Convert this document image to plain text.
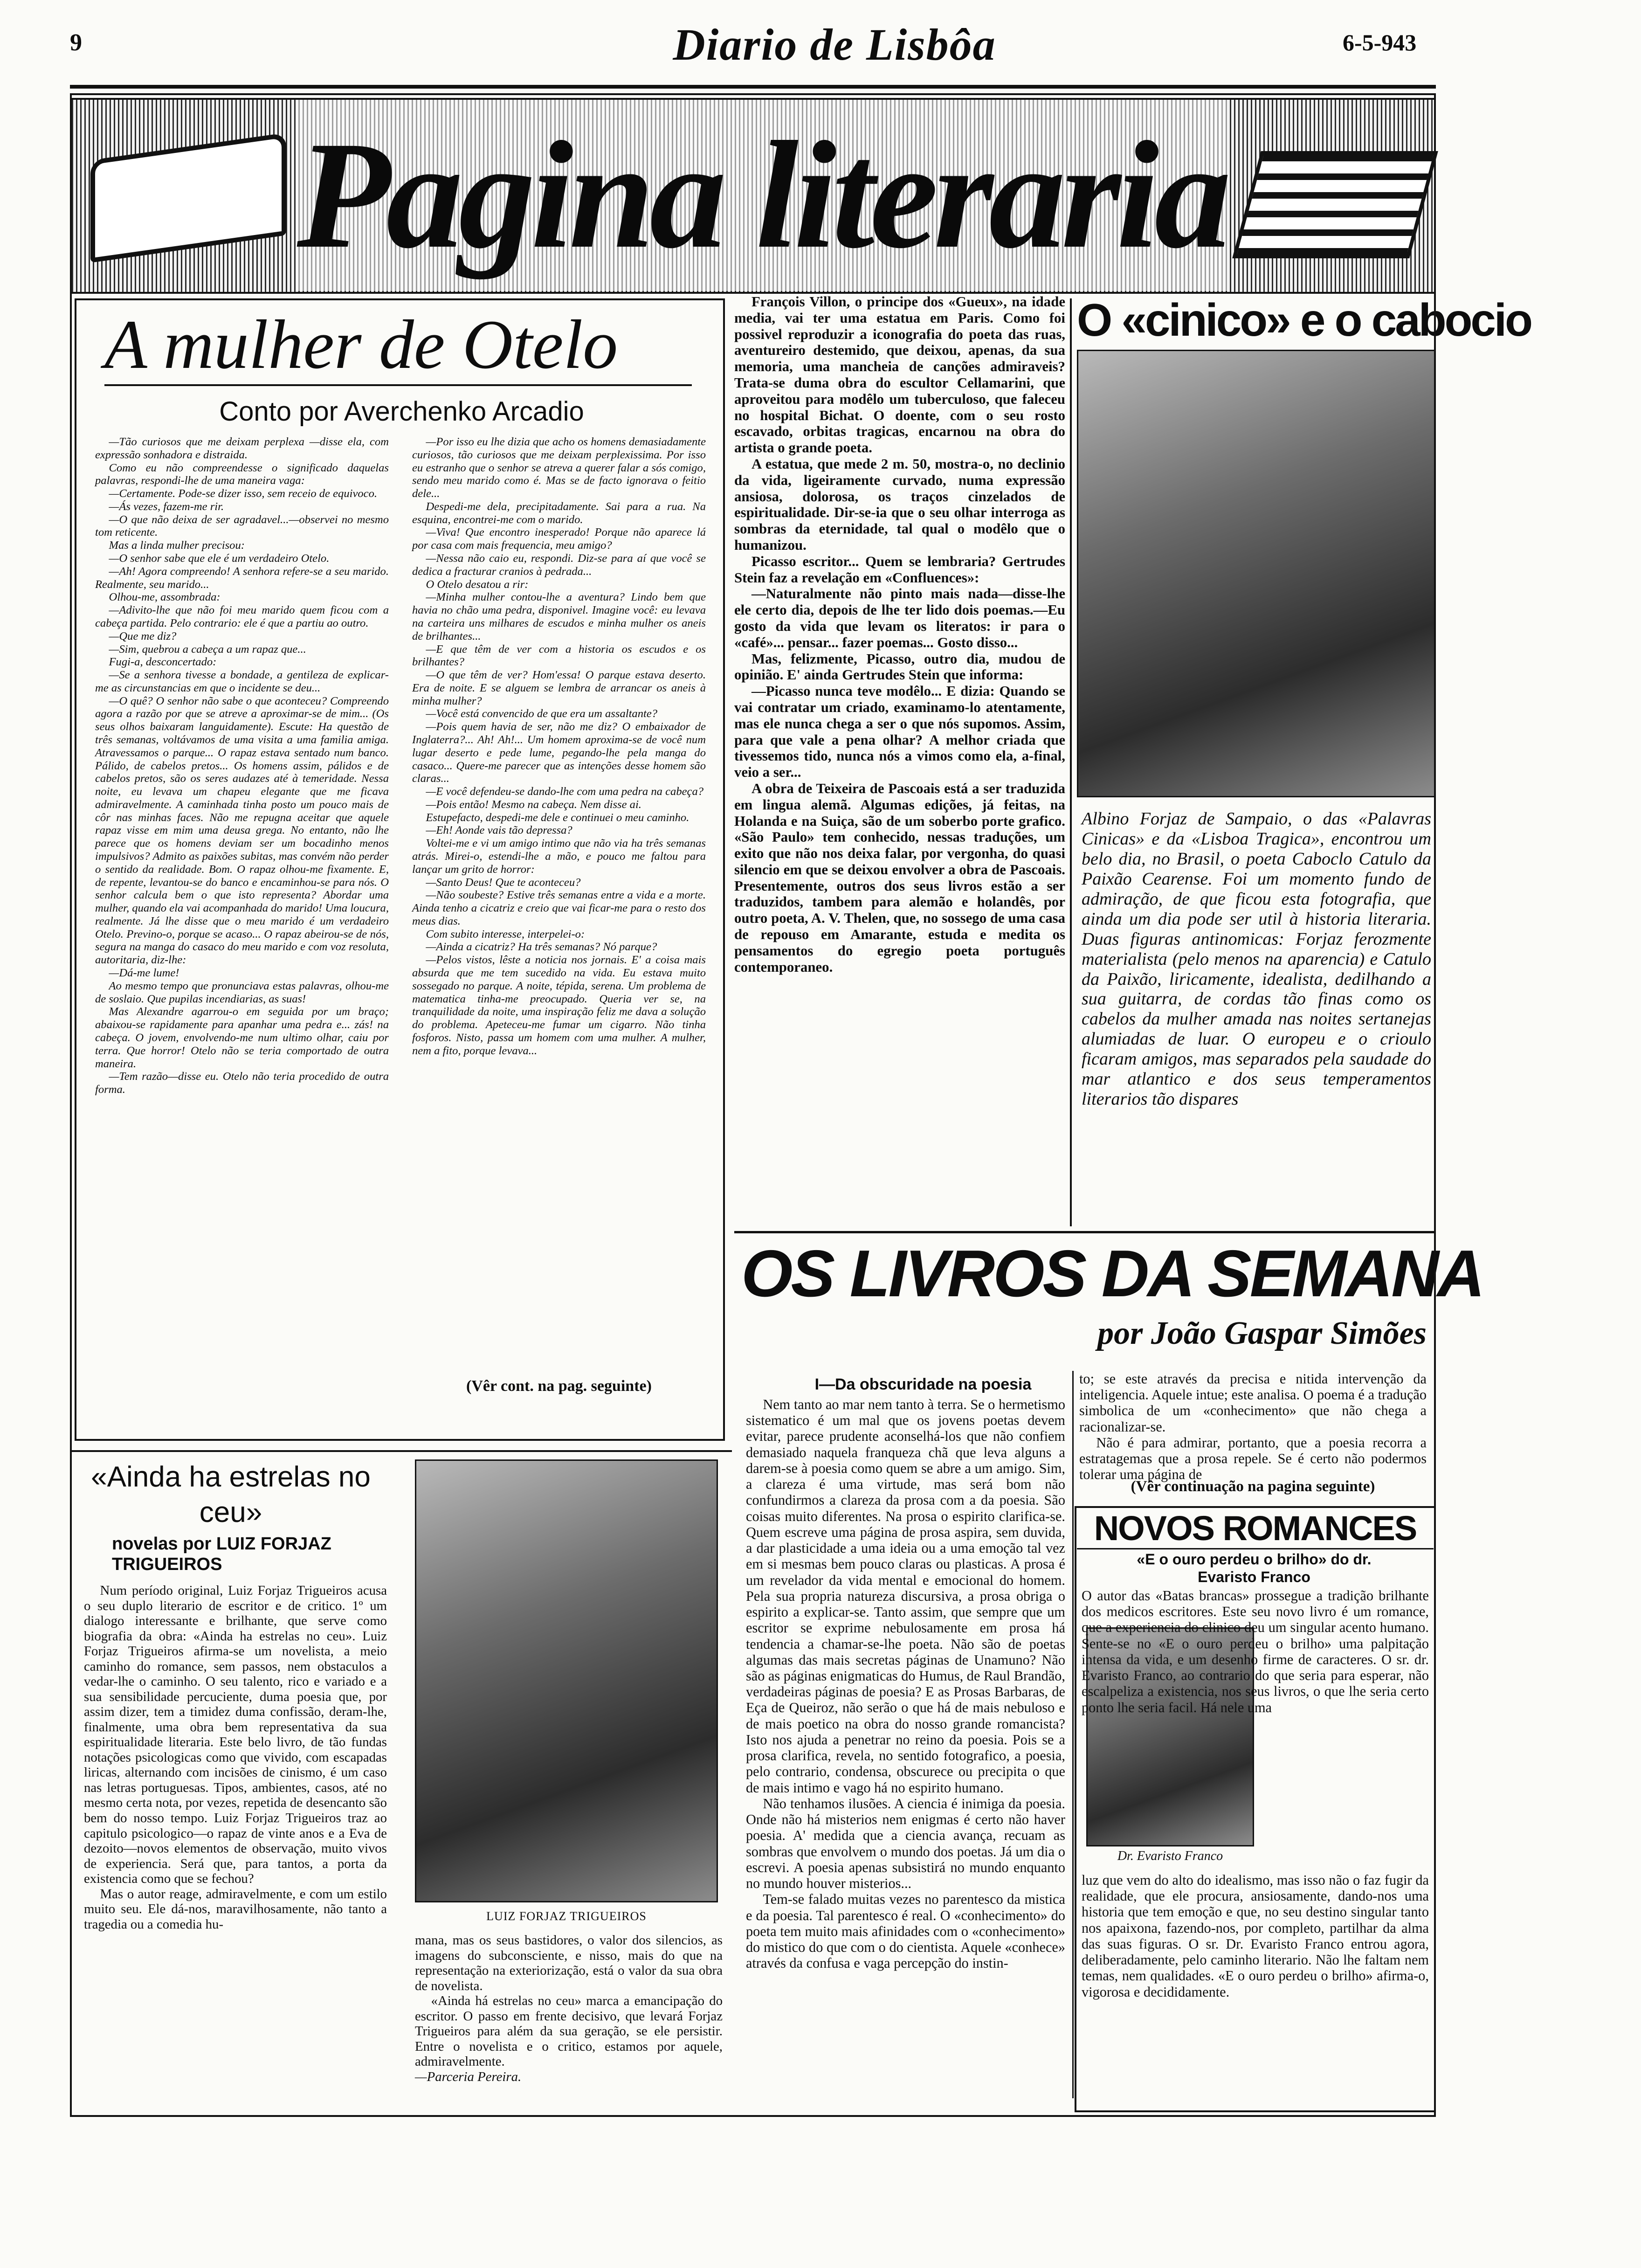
9	Diario de Lisbôa	6-5-943
Pagina literaria
A mulher de Otelo
Conto por Averchenko Arcadio

—Tão curiosos que me deixam perplexa —disse ela, com expressão sonhadora e distraida.

Como eu não compreendesse o significado daquelas palavras, respondi-lhe de uma maneira vaga:

—Certamente. Pode-se dizer isso, sem receio de equivoco.

—Ás vezes, fazem-me rir.

—O que não deixa de ser agradavel...—observei no mesmo tom reticente.

Mas a linda mulher precisou:

—O senhor sabe que ele é um verdadeiro Otelo.

—Ah! Agora compreendo! A senhora refere-se a seu marido. Realmente, seu marido...

Olhou-me, assombrada:

—Adivito-lhe que não foi meu marido quem ficou com a cabeça partida. Pelo contrario: ele é que a partiu ao outro.

—Que me diz?

—Sim, quebrou a cabeça a um rapaz que...

Fugi-a, desconcertado:

—Se a senhora tivesse a bondade, a gentileza de explicar-me as circunstancias em que o incidente se deu...

—O quê? O senhor não sabe o que aconteceu? Compreendo agora a razão por que se atreve a aproximar-se de mim... (Os seus olhos baixaram languidamente). Escute: Ha questão de três semanas, voltávamos de uma visita a uma familia amiga. Atravessamos o parque... O rapaz estava sentado num banco. Pálido, de cabelos pretos... Os homens assim, pálidos e de cabelos pretos, são os seres audazes até à temeridade. Nessa noite, eu levava um chapeu elegante que me ficava admiravelmente. A caminhada tinha posto um pouco mais de côr nas minhas faces. Não me repugna aceitar que aquele rapaz visse em mim uma deusa grega. No entanto, não lhe parece que os homens deviam ser um bocadinho menos impulsivos? Admito as paixões subitas, mas convém não perder o sentido da realidade. Bom. O rapaz olhou-me fixamente. E, de repente, levantou-se do banco e encaminhou-se para nós. O senhor calcula bem o que isto representa? Abordar uma mulher, quando ela vai acompanhada do marido! Uma loucura, realmente. Já lhe disse que o meu marido é um verdadeiro Otelo. Previno-o, porque se acaso... O rapaz abeirou-se de nós, segura na manga do casaco do meu marido e com voz resoluta, autoritaria, diz-lhe:

—Dá-me lume!

Ao mesmo tempo que pronunciava estas palavras, olhou-me de soslaio. Que pupilas incendiarias, as suas!

Mas Alexandre agarrou-o em seguida por um braço; abaixou-se rapidamente para apanhar uma pedra e... zás! na cabeça. O jovem, envolvendo-me num ultimo olhar, caiu por terra. Que horror! Otelo não se teria comportado de outra maneira.

—Tem razão—disse eu. Otelo não teria procedido de outra forma.

—Por isso eu lhe dizia que acho os homens demasiadamente curiosos, tão curiosos que me deixam perplexissima. Por isso eu estranho que o senhor se atreva a querer falar a sós comigo, sendo meu marido como é. Mas se de facto ignorava o feitio dele...

Despedi-me dela, precipitadamente. Sai para a rua. Na esquina, encontrei-me com o marido.

—Viva! Que encontro inesperado! Porque não aparece lá por casa com mais frequencia, meu amigo?

—Nessa não caio eu, respondi. Diz-se para aí que você se dedica a fracturar cranios à pedrada...

O Otelo desatou a rir:

—Minha mulher contou-lhe a aventura? Lindo bem que havia no chão uma pedra, disponivel. Imagine você: eu levava na carteira uns milhares de escudos e minha mulher os aneis de brilhantes...

—E que têm de ver com a historia os escudos e os brilhantes?

—O que têm de ver? Hom'essa! O parque estava deserto. Era de noite. E se alguem se lembra de arrancar os aneis à minha mulher?

—Você está convencido de que era um assaltante?

—Pois quem havia de ser, não me diz? O embaixador de Inglaterra?... Ah! Ah!... Um homem aproxima-se de você num lugar deserto e pede lume, pegando-lhe pela manga do casaco... Quere-me parecer que as intenções desse homem são claras...

—E você defendeu-se dando-lhe com uma pedra na cabeça?

—Pois então! Mesmo na cabeça. Nem disse ai.

Estupefacto, despedi-me dele e continuei o meu caminho.

—Eh! Aonde vais tão depressa?

Voltei-me e vi um amigo intimo que não via ha três semanas atrás. Mirei-o, estendi-lhe a mão, e pouco me faltou para lançar um grito de horror:

—Santo Deus! Que te aconteceu?

—Não soubeste? Estive três semanas entre a vida e a morte. Ainda tenho a cicatriz e creio que vai ficar-me para o resto dos meus dias.

Com subito interesse, interpelei-o:

—Ainda a cicatriz? Ha três semanas? Nó parque?

—Pelos vistos, lêste a noticia nos jornais. E' a coisa mais absurda que me tem sucedido na vida. Eu estava muito sossegado no parque. A noite, tépida, serena. Um problema de matematica tinha-me preocupado. Queria ver se, na tranquilidade da noite, uma inspiração feliz me dava a solução do problema. Apeteceu-me fumar um cigarro. Não tinha fosforos. Nisto, passa um homem com uma mulher. A mulher, nem a fito, porque levava...

(Vêr cont. na pag. seguinte)

François Villon, o principe dos «Gueux», na idade media, vai ter uma estatua em Paris. Como foi possivel reproduzir a iconografia do poeta das ruas, aventureiro destemido, que deixou, apenas, da sua memoria, uma mancheia de canções admiraveis? Trata-se duma obra do escultor Cellamarini, que aproveitou para modêlo um tuberculoso, que faleceu no hospital Bichat. O doente, com o seu rosto escavado, orbitas tragicas, encarnou na obra do artista o grande poeta.

A estatua, que mede 2 m. 50, mostra-o, no declinio da vida, ligeiramente curvado, numa expressão ansiosa, dolorosa, os traços cinzelados de espiritualidade. Dir-se-ia que o seu olhar interroga as sombras da eternidade, tal qual o modêlo que o humanizou.

Picasso escritor... Quem se lembraria? Gertrudes Stein faz a revelação em «Confluences»:

—Naturalmente não pinto mais nada—disse-lhe ele certo dia, depois de lhe ter lido dois poemas.—Eu gosto da vida que levam os literatos: ir para o «café»... pensar... fazer poemas... Gosto disso...

Mas, felizmente, Picasso, outro dia, mudou de opinião. E' ainda Gertrudes Stein que informa:

—Picasso nunca teve modêlo... E dizia: Quando se vai contratar um criado, examinamo-lo atentamente, mas ele nunca chega a ser o que nós supomos. Assim, para que vale a pena olhar? A melhor criada que tivessemos tido, nunca nós a vimos como ela, a-final, veio a ser...

A obra de Teixeira de Pascoais está a ser traduzida em lingua alemã. Algumas edições, já feitas, na Holanda e na Suiça, são de um soberbo porte grafico. «São Paulo» tem conhecido, nessas traduções, um exito que não nos deixa falar, por vergonha, do quasi silencio em que se deixou envolver a obra de Pascoais. Presentemente, outros dos seus livros estão a ser traduzidos, tambem para alemão e holandês, por outro poeta, A. V. Thelen, que, no sossego de uma casa de repouso em Amarante, estuda e medita os pensamentos do egregio poeta português contemporaneo.

O «cinico» e o cabocio
Albino Forjaz de Sampaio, o das «Palavras Cinicas» e da «Lisboa Tragica», encontrou um belo dia, no Brasil, o poeta Caboclo Catulo da Paixão Cearense. Foi um momento fundo de admiração, de que ficou esta fotografia, que ainda um dia pode ser util à historia literaria. Duas figuras antinomicas: Forjaz ferozmente materialista (pelo menos na aparencia) e Catulo da Paixão, liricamente, idealista, dedilhando a sua guitarra, de cordas tão finas como os cabelos da mulher amada nas noites sertanejas alumiadas de luar. O europeu e o crioulo ficaram amigos, mas separados pela saudade do mar atlantico e dos seus temperamentos literarios tão dispares
OS LIVROS DA SEMANA
por João Gaspar Simões
I—Da obscuridade na poesia

Nem tanto ao mar nem tanto à terra. Se o hermetismo sistematico é um mal que os jovens poetas devem evitar, parece prudente aconselhá-los que não confiem demasiado naquela franqueza chã que leva alguns a darem-se à poesia como quem se abre a um amigo. Sim, a clareza é uma virtude, mas será bom não confundirmos a clareza da prosa com a da poesia. São coisas muito diferentes. Na prosa o espirito clarifica-se. Quem escreve uma página de prosa aspira, sem duvida, a dar plasticidade a uma ideia ou a uma emoção tal vez em si mesmas bem pouco claras ou plasticas. A prosa é um revelador da vida mental e emocional do homem. Pela sua propria natureza discursiva, a prosa obriga o espirito a explicar-se. Tanto assim, que sempre que um escritor se exprime nebulosamente em prosa há tendencia a chamar-se-lhe poeta. Não são de poetas algumas das mais secretas páginas de Unamuno? Não são as páginas enigmaticas do Humus, de Raul Brandão, verdadeiras páginas de poesia? E as Prosas Barbaras, de Eça de Queiroz, não serão o que há de mais nebuloso e de mais poetico na obra do nosso grande romancista? Isto nos ajuda a penetrar no reino da poesia. Pois se a prosa clarifica, revela, no sentido fotografico, a poesia, pelo contrario, condensa, obscurece ou precipita o que de mais intimo e vago há no espirito humano.

Não tenhamos ilusões. A ciencia é inimiga da poesia. Onde não há misterios nem enigmas é certo não haver poesia. A' medida que a ciencia avança, recuam as sombras que envolvem o mundo dos poetas. Já um dia o escrevi. A poesia apenas subsistirá no mundo enquanto no mundo houver misterios...

Tem-se falado muitas vezes no parentesco da mistica e da poesia. Tal parentesco é real. O «conhecimento» do poeta tem muito mais afinidades com o «conhecimento» do mistico do que com o do cientista. Aquele «conhece» através da confusa e vaga percepção do instin-

to; se este através da precisa e nitida intervenção da inteligencia. Aquele intue; este analisa. O poema é a tradução simbolica de um «conhecimento» que não chega a racionalizar-se.

Não é para admirar, portanto, que a poesia recorra a estratagemas que a prosa repele. Se é certo não podermos tolerar uma página de

(Vêr continuação na pagina seguinte)
NOVOS ROMANCES
«E o ouro perdeu o brilho» do dr. Evaristo Franco
Dr. Evaristo Franco
O autor das «Batas brancas» prossegue a tradição brilhante dos medicos escritores. Este seu novo livro é um romance, que a experiencia do clinico deu um singular acento humano. Sente-se no «E o ouro perdeu o brilho» uma palpitação intensa da vida, e um desenho firme de caracteres. O sr. dr. Evaristo Franco, ao contrario do que seria para esperar, não escalpeliza a existencia, nos seus livros, o que lhe seria certo ponto lhe seria facil. Há nele uma
luz que vem do alto do idealismo, mas isso não o faz fugir da realidade, que ele procura, ansiosamente, dando-nos uma historia que tem emoção e que, no seu destino singular tanto nos apaixona, fazendo-nos, por completo, partilhar da alma das suas figuras. O sr. Dr. Evaristo Franco entrou agora, deliberadamente, pelo caminho literario. Não lhe faltam nem temas, nem qualidades. «E o ouro perdeu o brilho» afirma-o, vigorosa e decididamente.
«Ainda ha estrelas no ceu»
novelas por LUIZ FORJAZ TRIGUEIROS

Num período original, Luiz Forjaz Trigueiros acusa o seu duplo literario de escritor e de critico. 1º um dialogo interessante e brilhante, que serve como biografia da obra: «Ainda ha estrelas no ceu». Luiz Forjaz Trigueiros afirma-se um novelista, a meio caminho do romance, sem passos, nem obstaculos a vedar-lhe o caminho. O seu talento, rico e variado e a sua sensibilidade percuciente, duma poesia que, por assim dizer, tem a timidez duma confissão, deram-lhe, finalmente, uma obra bem representativa da sua espiritualidade literaria. Este belo livro, de tão fundas notações psicologicas como que vivido, com escapadas liricas, alternando com incisões de cinismo, é um caso nas letras portuguesas. Tipos, ambientes, casos, até no mesmo certa nota, por vezes, repetida de desencanto são bem do nosso tempo. Luiz Forjaz Trigueiros traz ao capitulo psicologico—o rapaz de vinte anos e a Eva de dezoito—novos elementos de observação, muito vivos de experiencia. Será que, para tantos, a porta da existencia como que se fechou?

Mas o autor reage, admiravelmente, e com um estilo muito seu. Ele dá-nos, maravilhosamente, não tanto a tragedia ou a comedia hu-

LUIZ FORJAZ TRIGUEIROS

mana, mas os seus bastidores, o valor dos silencios, as imagens do subconsciente, e nisso, mais do que na representação na exteriorização, está o valor da sua obra de novelista.

«Ainda há estrelas no ceu» marca a emancipação do escritor. O passo em frente decisivo, que levará Forjaz Trigueiros para além da sua geração, se ele persistir. Entre o novelista e o critico, estamos por aquele, admiravelmente.

—Parceria Pereira.
